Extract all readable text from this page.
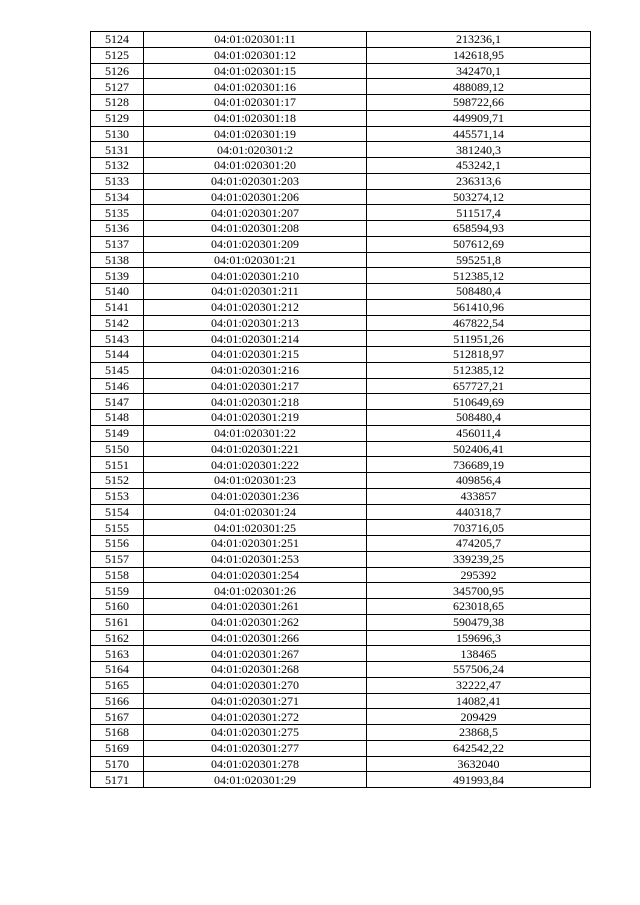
5124	04:01:020301:11	213236,1
5125	04:01:020301:12	142618,95
5126	04:01:020301:15	342470,1
5127	04:01:020301:16	488089,12
5128	04:01:020301:17	598722,66
5129	04:01:020301:18	449909,71
5130	04:01:020301:19	445571,14
5131	04:01:020301:2	381240,3
5132	04:01:020301:20	453242,1
5133	04:01:020301:203	236313,6
5134	04:01:020301:206	503274,12
5135	04:01:020301:207	511517,4
5136	04:01:020301:208	658594,93
5137	04:01:020301:209	507612,69
5138	04:01:020301:21	595251,8
5139	04:01:020301:210	512385,12
5140	04:01:020301:211	508480,4
5141	04:01:020301:212	561410,96
5142	04:01:020301:213	467822,54
5143	04:01:020301:214	511951,26
5144	04:01:020301:215	512818,97
5145	04:01:020301:216	512385,12
5146	04:01:020301:217	657727,21
5147	04:01:020301:218	510649,69
5148	04:01:020301:219	508480,4
5149	04:01:020301:22	456011,4
5150	04:01:020301:221	502406,41
5151	04:01:020301:222	736689,19
5152	04:01:020301:23	409856,4
5153	04:01:020301:236	433857
5154	04:01:020301:24	440318,7
5155	04:01:020301:25	703716,05
5156	04:01:020301:251	474205,7
5157	04:01:020301:253	339239,25
5158	04:01:020301:254	295392
5159	04:01:020301:26	345700,95
5160	04:01:020301:261	623018,65
5161	04:01:020301:262	590479,38
5162	04:01:020301:266	159696,3
5163	04:01:020301:267	138465
5164	04:01:020301:268	557506,24
5165	04:01:020301:270	32222,47
5166	04:01:020301:271	14082,41
5167	04:01:020301:272	209429
5168	04:01:020301:275	23868,5
5169	04:01:020301:277	642542,22
5170	04:01:020301:278	3632040
5171	04:01:020301:29	491993,84
